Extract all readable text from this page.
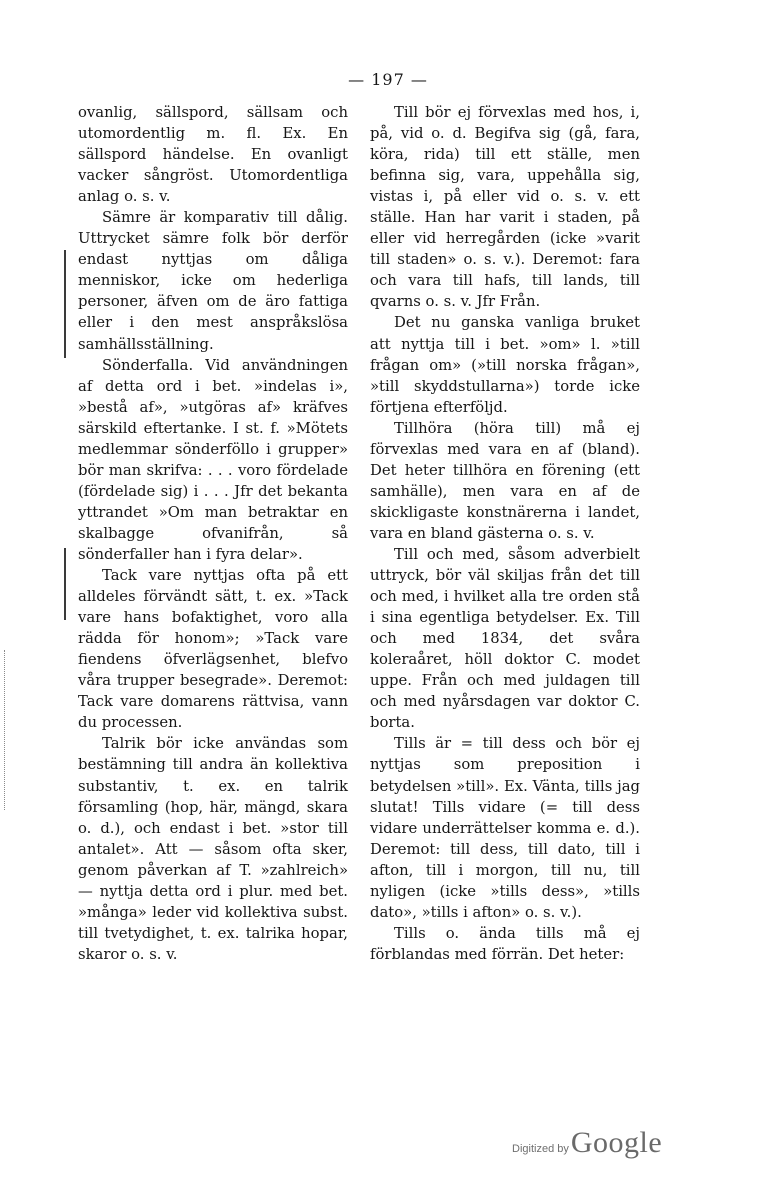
— 197 —

ovanlig, sällspord, sällsam och utomordentlig m. fl. Ex. En sällspord händelse. En ovanligt vacker sångröst. Utomordentliga anlag o. s. v.

Sämre är komparativ till dålig. Uttrycket sämre folk bör derför endast nyttjas om dåliga menniskor, icke om hederliga personer, äfven om de äro fattiga eller i den mest anspråkslösa samhällsställning.

Sönderfalla. Vid användningen af detta ord i bet. »indelas i», »bestå af», »utgöras af» kräfves särskild eftertanke. I st. f. »Mötets medlemmar sönderföllo i grupper» bör man skrifva: . . . voro fördelade (fördelade sig) i . . . Jfr det bekanta yttrandet »Om man betraktar en skalbagge ofvanifrån, så sönderfaller han i fyra delar».

Tack vare nyttjas ofta på ett alldeles förvändt sätt, t. ex. »Tack vare hans bofaktighet, voro alla rädda för honom»; »Tack vare fiendens öfverlägsenhet, blefvo våra trupper besegrade». Deremot: Tack vare domarens rättvisa, vann du processen.

Talrik bör icke användas som bestämning till andra än kollektiva substantiv, t. ex. en talrik församling (hop, här, mängd, skara o. d.), och endast i bet. »stor till antalet». Att — såsom ofta sker, genom påverkan af T. »zahlreich» — nyttja detta ord i plur. med bet. »många» leder vid kollektiva subst. till tvetydighet, t. ex. talrika hopar, skaror o. s. v.

Till bör ej förvexlas med hos, i, på, vid o. d. Begifva sig (gå, fara, köra, rida) till ett ställe, men befinna sig, vara, uppehålla sig, vistas i, på eller vid o. s. v. ett ställe. Han har varit i staden, på eller vid herregården (icke »varit till staden» o. s. v.). Deremot: fara och vara till hafs, till lands, till qvarns o. s. v. Jfr Från.

Det nu ganska vanliga bruket att nyttja till i bet. »om» l. »till frågan om» (»till norska frågan», »till skyddstullarna») torde icke förtjena efterföljd.

Tillhöra (höra till) må ej förvexlas med vara en af (bland). Det heter tillhöra en förening (ett samhälle), men vara en af de skickligaste konstnärerna i landet, vara en bland gästerna o. s. v.

Till och med, såsom adverbielt uttryck, bör väl skiljas från det till och med, i hvilket alla tre orden stå i sina egentliga betydelser. Ex. Till och med 1834, det svåra koleraåret, höll doktor C. modet uppe. Från och med juldagen till och med nyårsdagen var doktor C. borta.

Tills är = till dess och bör ej nyttjas som preposition i betydelsen »till». Ex. Vänta, tills jag slutat! Tills vidare (= till dess vidare underrättelser komma e. d.). Deremot: till dess, till dato, till i afton, till i morgon, till nu, till nyligen (icke »tills dess», »tills dato», »tills i afton» o. s. v.).

Tills o. ända tills må ej förblandas med förrän. Det heter:

Digitized by Google
